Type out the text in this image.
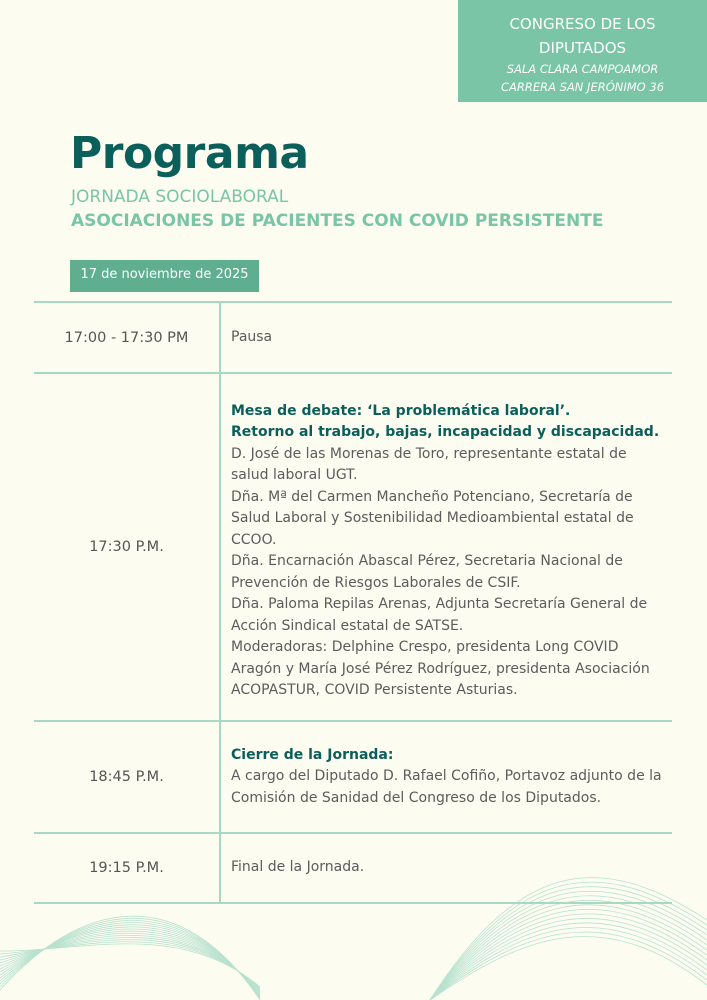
CONGRESO DE LOS
DIPUTADOS
SALA CLARA CAMPOAMOR
CARRERA SAN JERÓNIMO 36
Programa
JORNADA SOCIOLABORAL
ASOCIACIONES DE PACIENTES CON COVID PERSISTENTE
17 de noviembre de 2025
17:00 - 17:30 PM	Pausa

17:30 P.M.

Mesa de debate: ‘La problemática laboral’.

Retorno al trabajo, bajas, incapacidad y discapacidad.

D. José de las Morenas de Toro, representante estatal de salud laboral UGT.

Dña. Mª del Carmen Mancheño Potenciano, Secretaría de Salud Laboral y Sostenibilidad Medioambiental estatal de CCOO.

Dña. Encarnación Abascal Pérez, Secretaria Nacional de Prevención de Riesgos Laborales de CSIF.

Dña. Paloma Repilas Arenas, Adjunta Secretaría General de Acción Sindical estatal de SATSE.

Moderadoras: Delphine Crespo, presidenta Long COVID Aragón y María José Pérez Rodríguez, presidenta Asociación ACOPASTUR, COVID Persistente Asturias.

18:45 P.M.

Cierre de la Jornada:

A cargo del Diputado D. Rafael Cofiño, Portavoz adjunto de la Comisión de Sanidad del Congreso de los Diputados.

19:15 P.M.	Final de la Jornada.
